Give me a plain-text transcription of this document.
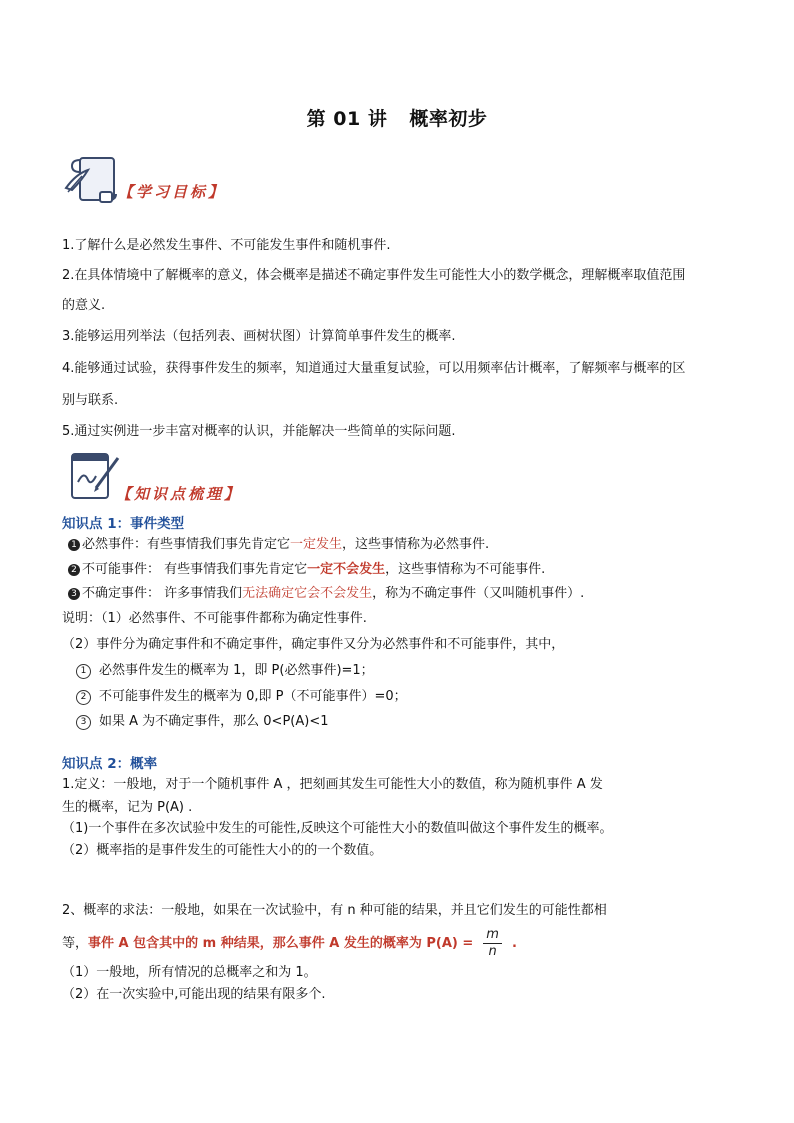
第 01 讲 概率初步
【学习目标】
1.了解什么是必然发生事件、不可能发生事件和随机事件.
2.在具体情境中了解概率的意义，体会概率是描述不确定事件发生可能性大小的数学概念，理解概率取值范围
的意义.
3.能够运用列举法（包括列表、画树状图）计算简单事件发生的概率.
4.能够通过试验，获得事件发生的频率，知道通过大量重复试验，可以用频率估计概率，了解频率与概率的区
别与联系.
5.通过实例进一步丰富对概率的认识，并能解决一些简单的实际问题.
【知识点梳理】
知识点 1：事件类型
1 必然事件：有些事情我们事先肯定它一定发生，这些事情称为必然事件.
2 不可能事件： 有些事情我们事先肯定它一定不会发生，这些事情称为不可能事件.
3 不确定事件： 许多事情我们无法确定它会不会发生，称为不确定事件（又叫随机事件）.
说明：（1）必然事件、不可能事件都称为确定性事件.
（2）事件分为确定事件和不确定事件，确定事件又分为必然事件和不可能事件，其中，
1 必然事件发生的概率为 1，即 P(必然事件)=1；
2 不可能事件发生的概率为 0,即 P（不可能事件）=0；
3 如果 A 为不确定事件，那么 0<P(A)<1
知识点 2：概率
1.定义：一般地，对于一个随机事件 A ，把刻画其发生可能性大小的数值，称为随机事件 A 发
生的概率，记为 P(A) .
（1)一个事件在多次试验中发生的可能性,反映这个可能性大小的数值叫做这个事件发生的概率。
（2）概率指的是事件发生的可能性大小的的一个数值。
2、概率的求法：一般地，如果在一次试验中，有 n 种可能的结果，并且它们发生的可能性都相
等，事件 A 包含其中的 m 种结果，那么事件 A 发生的概率为 $P(A) = \frac{m}{n}$ .
（1）一般地，所有情况的总概率之和为 1。
（2）在一次实验中,可能出现的结果有限多个.
